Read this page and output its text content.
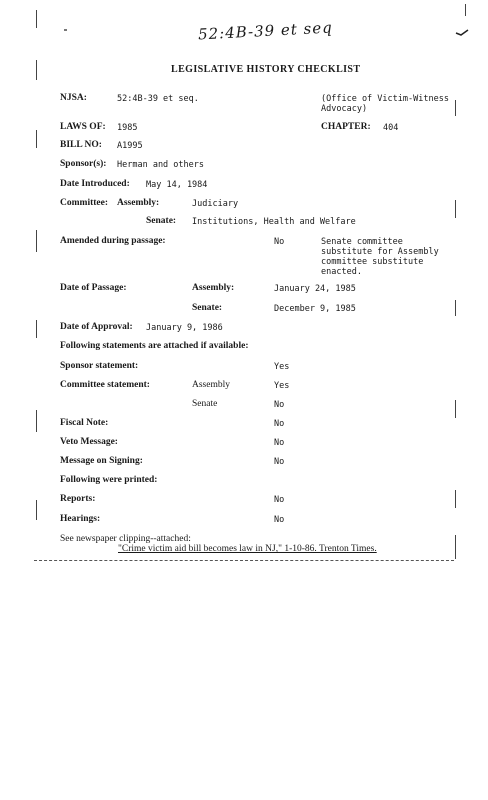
52:4B-39 et seq
LEGISLATIVE HISTORY CHECKLIST
NJSA:	52:4B-39 et seq.	(Office of Victim-Witness Advocacy)
LAWS OF: 1985	CHAPTER: 404
BILL NO: A1995
Sponsor(s): Herman and others
Date Introduced: May 14, 1984
Committee: Assembly:	Judiciary
Senate: Institutions, Health and Welfare
Amended during passage:	No	Senate committee substitute for Assembly committee substitute enacted.
Date of Passage:	Assembly:	January 24, 1985
Senate:	December 9, 1985
Date of Approval: January 9, 1986
Following statements are attached if available:
Sponsor statement:	Yes
Committee statement:	Assembly	Yes
Senate	No
Fiscal Note:	No
Veto Message:	No
Message on Signing:	No
Following were printed:
Reports:	No
Hearings:	No
See newspaper clipping--attached:
"Crime victim aid bill becomes law in NJ," 1-10-86. Trenton Times.
